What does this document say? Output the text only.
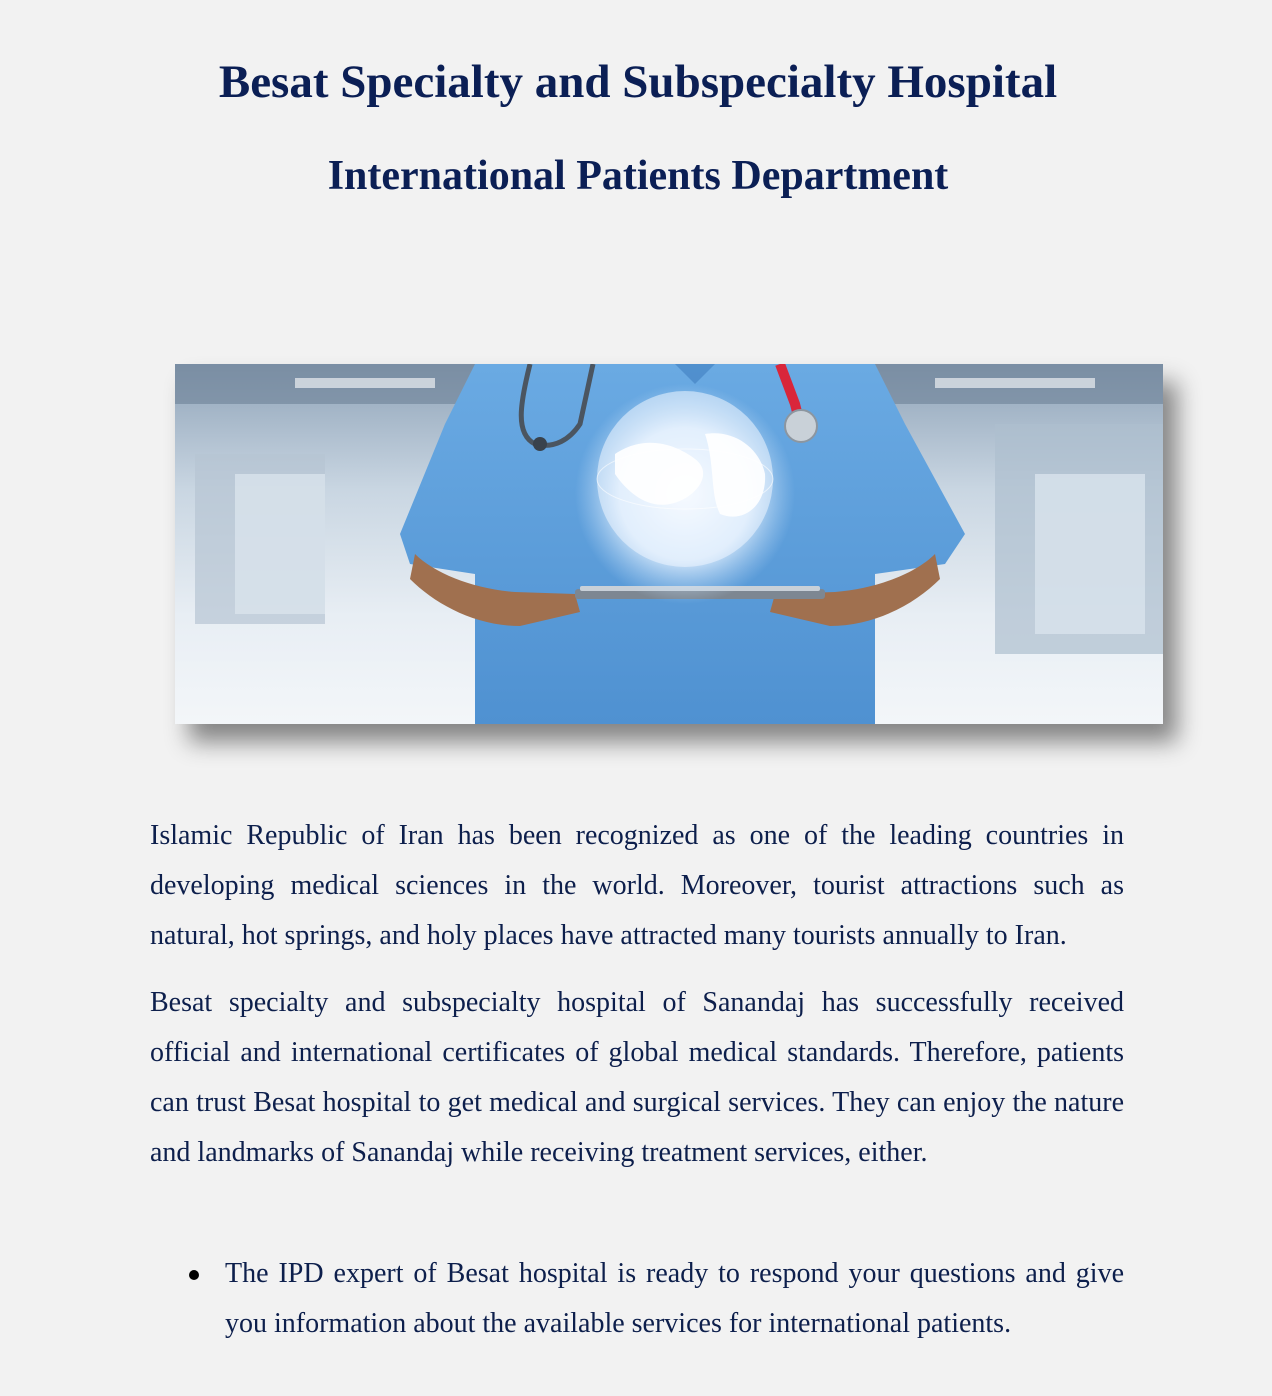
Besat Specialty and Subspecialty Hospital
International Patients Department

Islamic Republic of Iran has been recognized as one of the leading countries in developing medical sciences in the world. Moreover, tourist attractions such as natural, hot springs, and holy places have attracted many tourists annually to Iran.

Besat specialty and subspecialty hospital of Sanandaj has successfully received official and international certificates of global medical standards. Therefore, patients can trust Besat hospital to get medical and surgical services. They can enjoy the nature and landmarks of Sanandaj while receiving treatment services, either.

The IPD expert of Besat hospital is ready to respond your questions and give you information about the available services for international patients.
